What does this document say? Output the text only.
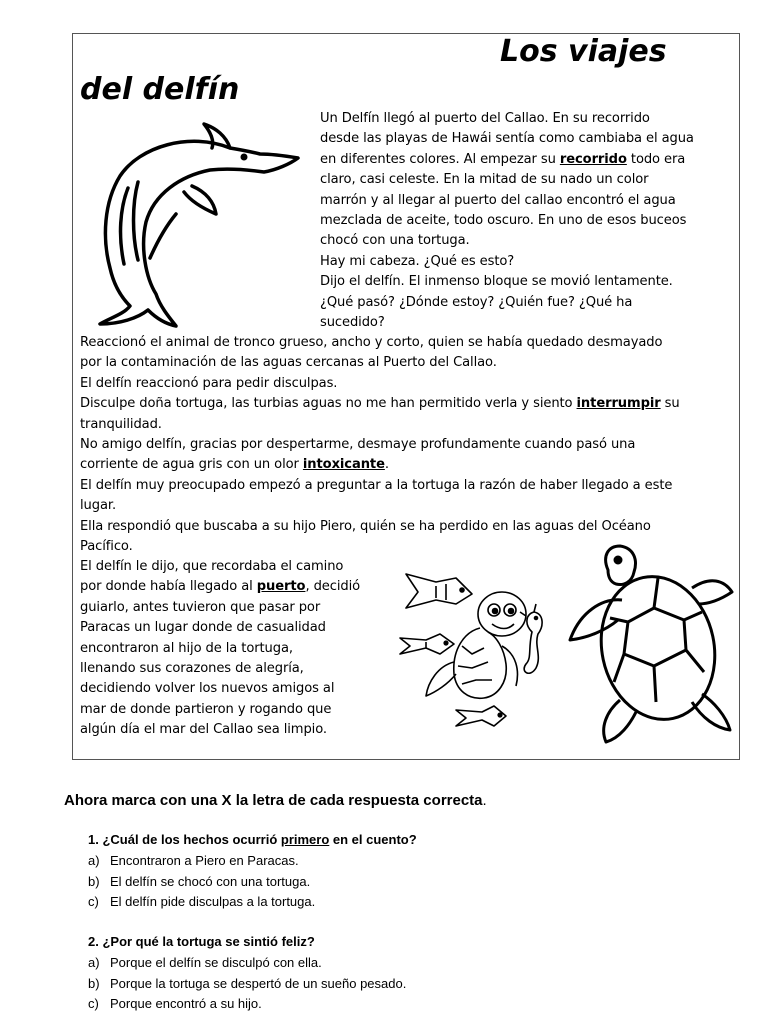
Los viajes
del delfín

Un Delfín llegó al puerto del Callao. En su recorrido

desde las playas de Hawái sentía como cambiaba el agua

en diferentes colores. Al empezar su recorrido todo era

claro, casi celeste. En la mitad de su nado un color

marrón y al llegar al puerto del callao encontró el agua

mezclada de aceite, todo oscuro. En uno de esos buceos

chocó con una tortuga.

Hay mi cabeza. ¿Qué es esto?

Dijo el delfín. El inmenso bloque se movió lentamente.

¿Qué pasó? ¿Dónde estoy? ¿Quién fue? ¿Qué ha

sucedido?

Reaccionó el animal de tronco grueso, ancho y corto, quien se había quedado desmayado

por la contaminación de las aguas cercanas al Puerto del Callao.

El delfín reaccionó para pedir disculpas.

Disculpe doña tortuga, las turbias aguas no me han permitido verla y siento interrumpir su

tranquilidad.

No amigo delfín, gracias por despertarme, desmaye profundamente cuando pasó una

corriente de agua gris con un olor intoxicante.

El delfín muy preocupado empezó a preguntar a la tortuga la razón de haber llegado a este

lugar.

Ella respondió que buscaba a su hijo Piero, quién se ha perdido en las aguas del Océano

Pacífico.

El delfín le dijo, que recordaba el camino

por donde había llegado al puerto, decidió

guiarlo, antes tuvieron que pasar por

Paracas un lugar donde de casualidad

encontraron al hijo de la tortuga,

llenando sus corazones de alegría,

decidiendo volver los nuevos amigos al

mar de donde partieron y rogando que

algún día el mar del Callao sea limpio.

Ahora marca con una X la letra de cada respuesta correcta.

1. ¿Cuál de los hechos ocurrió primero en el cuento?

a) Encontraron a Piero en Paracas.

b) El delfín se chocó con una tortuga.

c) El delfín pide disculpas a la tortuga.

2. ¿Por qué la tortuga se sintió feliz?

a) Porque el delfín se disculpó con ella.

b) Porque la tortuga se despertó de un sueño pesado.

c) Porque encontró a su hijo.
